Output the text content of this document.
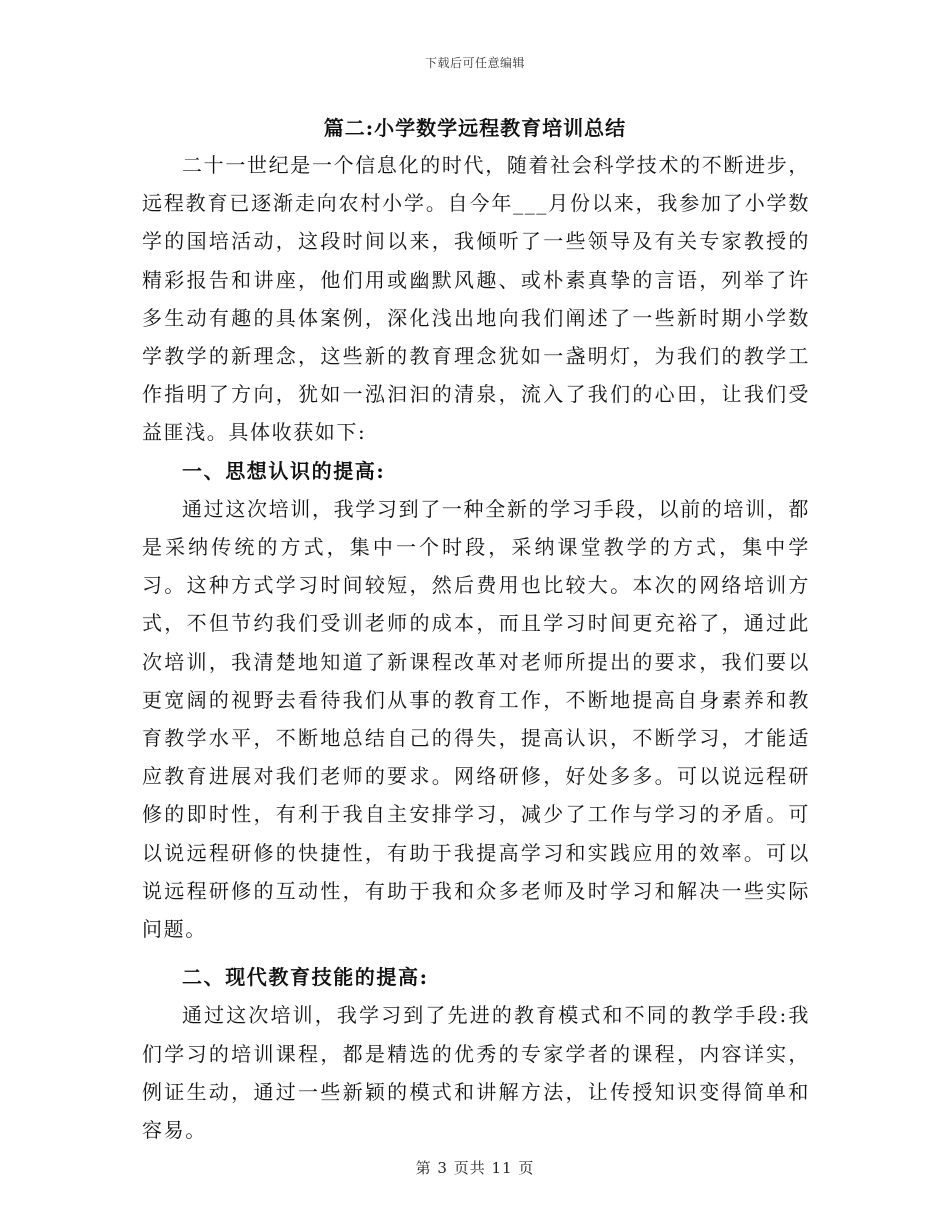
下载后可任意编辑
篇二:小学数学远程教育培训总结

二十一世纪是一个信息化的时代，随着社会科学技术的不断进步，远程教育已逐渐走向农村小学。自今年___月份以来，我参加了小学数学的国培活动，这段时间以来，我倾听了一些领导及有关专家教授的精彩报告和讲座，他们用或幽默风趣、或朴素真挚的言语，列举了许多生动有趣的具体案例，深化浅出地向我们阐述了一些新时期小学数学教学的新理念，这些新的教育理念犹如一盏明灯，为我们的教学工作指明了方向，犹如一泓汩汩的清泉，流入了我们的心田，让我们受益匪浅。具体收获如下:

一、思想认识的提高:

通过这次培训，我学习到了一种全新的学习手段，以前的培训，都是采纳传统的方式，集中一个时段，采纳课堂教学的方式，集中学习。这种方式学习时间较短，然后费用也比较大。本次的网络培训方式，不但节约我们受训老师的成本，而且学习时间更充裕了，通过此次培训，我清楚地知道了新课程改革对老师所提出的要求，我们要以更宽阔的视野去看待我们从事的教育工作，不断地提高自身素养和教育教学水平，不断地总结自己的得失，提高认识，不断学习，才能适应教育进展对我们老师的要求。网络研修，好处多多。可以说远程研修的即时性，有利于我自主安排学习，减少了工作与学习的矛盾。可以说远程研修的快捷性，有助于我提高学习和实践应用的效率。可以说远程研修的互动性，有助于我和众多老师及时学习和解决一些实际问题。

二、现代教育技能的提高:

通过这次培训，我学习到了先进的教育模式和不同的教学手段:我们学习的培训课程，都是精选的优秀的专家学者的课程，内容详实，例证生动，通过一些新颖的模式和讲解方法，让传授知识变得简单和容易。

第 3 页共 11 页
